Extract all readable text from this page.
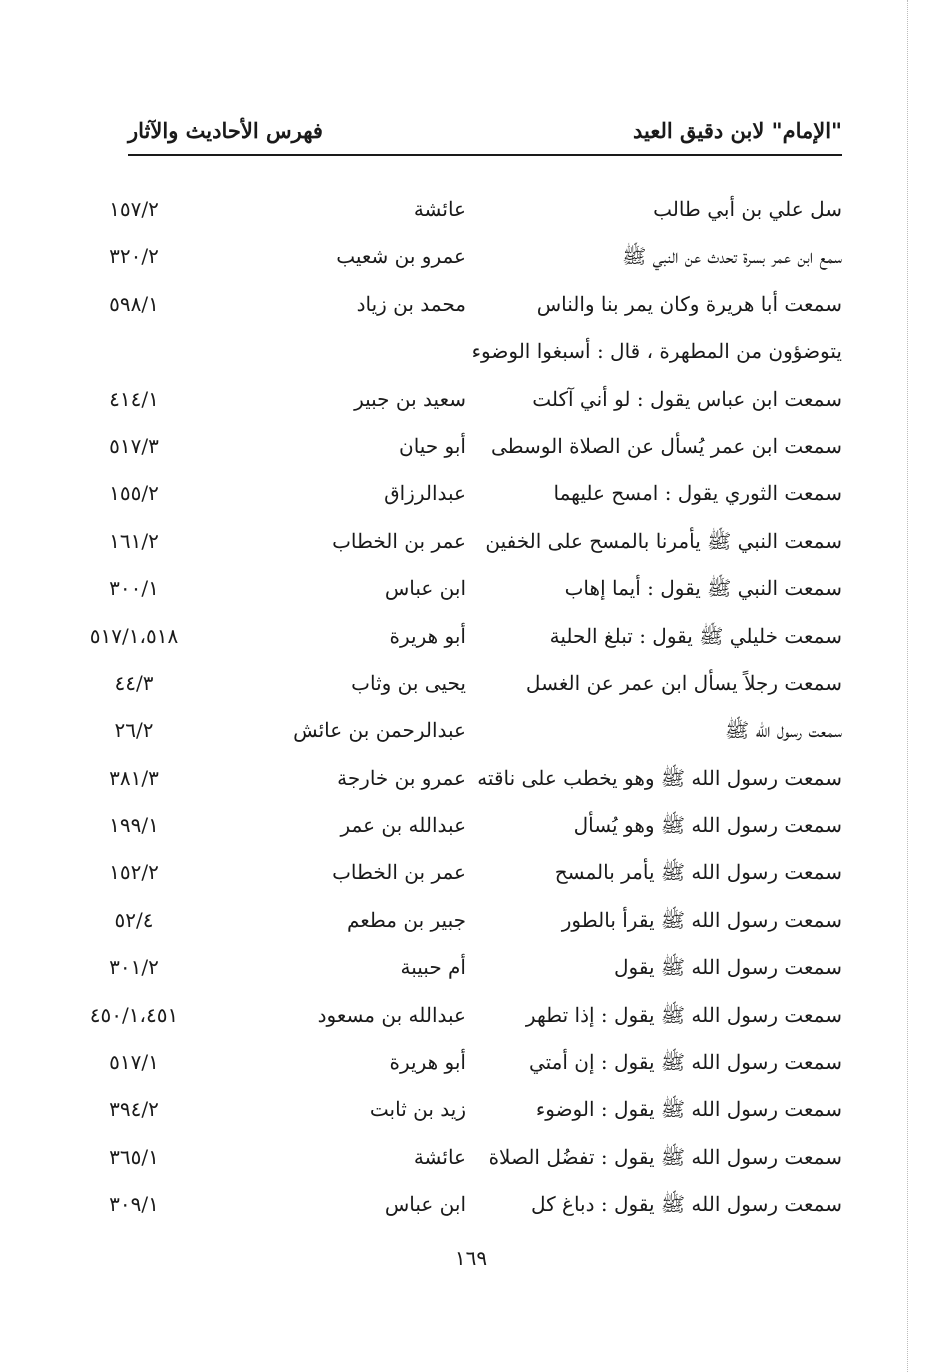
"الإمام" لابن دقيق العيد
فهرس الأحاديث والآثار
سل علي بن أبي طالب
عائشة
١٥٧/٢
سمع ابن عمر بسرة تحدث عن النبي ﷺ
عمرو بن شعيب
٣٢٠/٢
سمعت أبا هريرة وكان يمر بنا والناس
محمد بن زياد
٥٩٨/١
يتوضؤون من المطهرة ، قال : أسبغوا الوضوء
سمعت ابن عباس يقول : لو أني آكلت
سعيد بن جبير
٤١٤/١
سمعت ابن عمر يُسأل عن الصلاة الوسطى
أبو حيان
٥١٧/٣
سمعت الثوري يقول : امسح عليهما
عبدالرزاق
١٥٥/٢
سمعت النبي ﷺ يأمرنا بالمسح على الخفين
عمر بن الخطاب
١٦١/٢
سمعت النبي ﷺ يقول : أيما إهاب
ابن عباس
٣٠٠/١
سمعت خليلي ﷺ يقول : تبلغ الحلية
أبو هريرة
٥١٧/١،٥١٨
سمعت رجلاً يسأل ابن عمر عن الغسل
يحيى بن وثاب
٤٤/٣
سمعت رسول الله ﷺ
عبدالرحمن بن عائش
٢٦/٢
سمعت رسول الله ﷺ وهو يخطب على ناقته
عمرو بن خارجة
٣٨١/٣
سمعت رسول الله ﷺ وهو يُسأل
عبدالله بن عمر
١٩٩/١
سمعت رسول الله ﷺ يأمر بالمسح
عمر بن الخطاب
١٥٢/٢
سمعت رسول الله ﷺ يقرأ بالطور
جبير بن مطعم
٥٢/٤
سمعت رسول الله ﷺ يقول
أم حبيبة
٣٠١/٢
سمعت رسول الله ﷺ يقول : إذا تطهر
عبدالله بن مسعود
٤٥٠/١،٤٥١
سمعت رسول الله ﷺ يقول : إن أمتي
أبو هريرة
٥١٧/١
سمعت رسول الله ﷺ يقول : الوضوء
زيد بن ثابت
٣٩٤/٢
سمعت رسول الله ﷺ يقول : تفضُل الصلاة
عائشة
٣٦٥/١
سمعت رسول الله ﷺ يقول : دباغ كل
ابن عباس
٣٠٩/١
١٦٩
